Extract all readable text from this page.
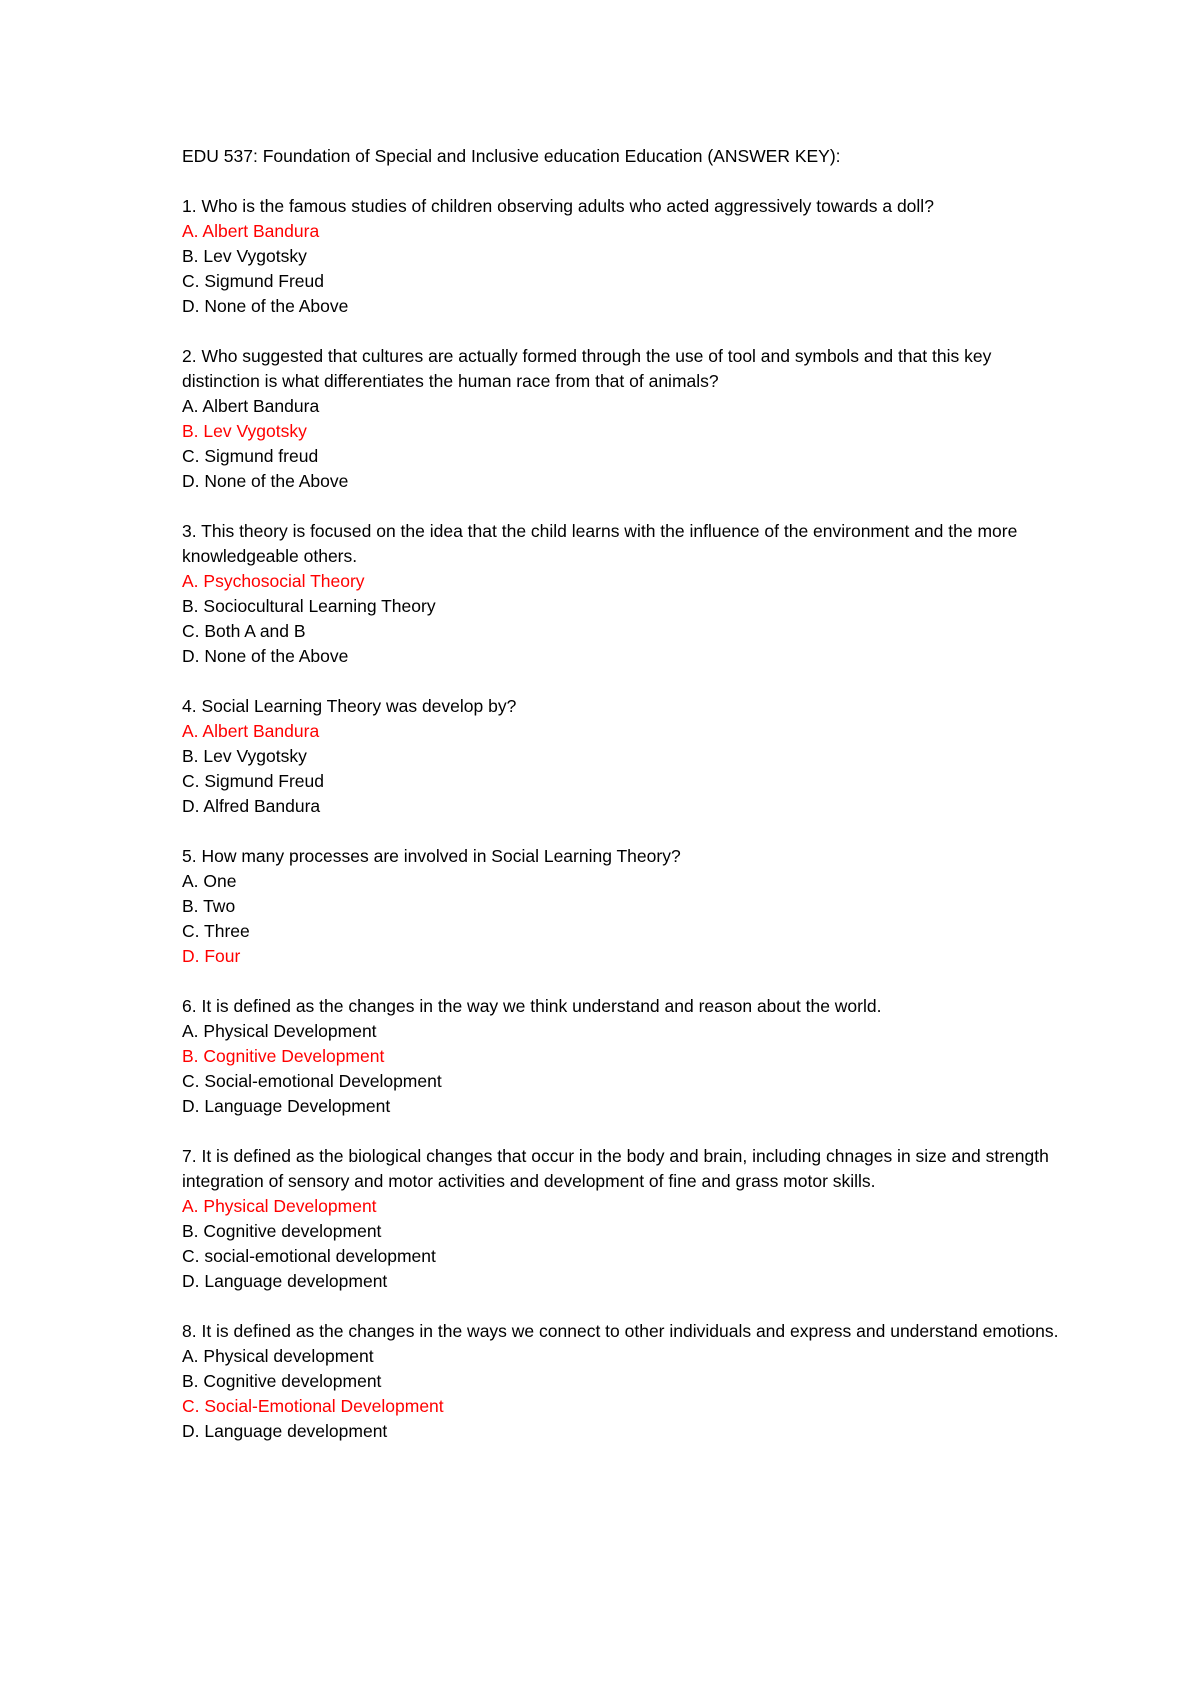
EDU 537: Foundation of Special and Inclusive education Education (ANSWER KEY):

1. Who is the famous studies of children observing adults who acted aggressively towards a doll?

A. Albert Bandura

B. Lev Vygotsky

C. Sigmund Freud

D. None of the Above

2. Who suggested that cultures are actually formed through the use of tool and symbols and that this key distinction is what differentiates the human race from that of animals?

A. Albert Bandura

B. Lev Vygotsky

C. Sigmund freud

D. None of the Above

3. This theory is focused on the idea that the child learns with the influence of the environment and the more knowledgeable others.

A. Psychosocial Theory

B. Sociocultural Learning Theory

C. Both A and B

D. None of the Above

4. Social Learning Theory was develop by?

A. Albert Bandura

B. Lev Vygotsky

C. Sigmund Freud

D. Alfred Bandura

5. How many processes are involved in Social Learning Theory?

A. One

B. Two

C. Three

D. Four

6. It is defined as the changes in the way we think understand and reason about the world.

A. Physical Development

B. Cognitive Development

C. Social-emotional Development

D. Language Development

7. It is defined as the biological changes that occur in the body and brain, including chnages in size and strength integration of sensory and motor activities and development of fine and grass motor skills.

A. Physical Development

B. Cognitive development

C. social-emotional development

D. Language development

8. It is defined as the changes in the ways we connect to other individuals and express and understand emotions.

A. Physical development

B. Cognitive development

C. Social-Emotional Development

D. Language development
